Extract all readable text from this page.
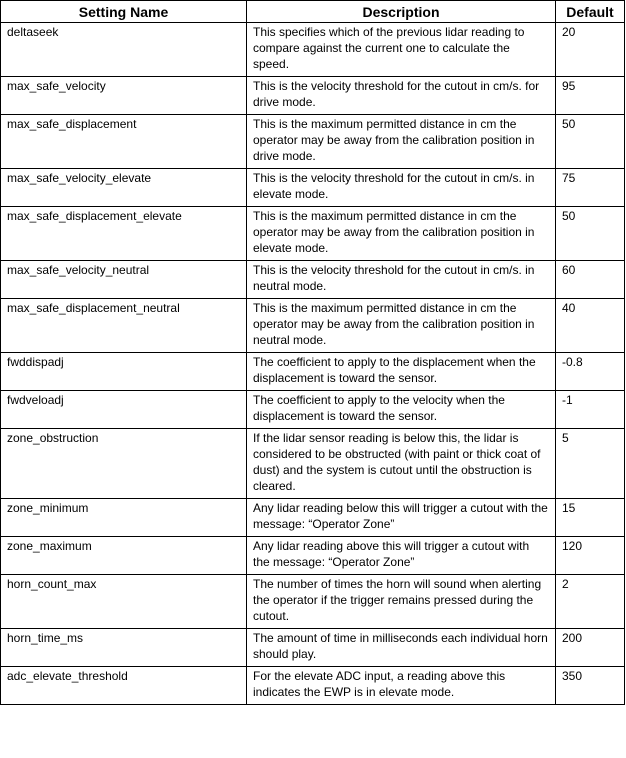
Setting Name	Description	Default
deltaseek	This specifies which of the previous lidar reading to compare against the current one to calculate the speed.	20
max_safe_velocity	This is the velocity threshold for the cutout in cm/s. for drive mode.	95
max_safe_displacement	This is the maximum permitted distance in cm the operator may be away from the calibration position in drive mode.	50
max_safe_velocity_elevate	This is the velocity threshold for the cutout in cm/s. in elevate mode.	75
max_safe_displacement_elevate	This is the maximum permitted distance in cm the operator may be away from the calibration position in elevate mode.	50
max_safe_velocity_neutral	This is the velocity threshold for the cutout in cm/s. in neutral mode.	60
max_safe_displacement_neutral	This is the maximum permitted distance in cm the operator may be away from the calibration position in neutral mode.	40
fwddispadj	The coefficient to apply to the displacement when the displacement is toward the sensor.	-0.8
fwdveloadj	The coefficient to apply to the velocity when the displacement is toward the sensor.	-1
zone_obstruction	If the lidar sensor reading is below this, the lidar is considered to be obstructed (with paint or thick coat of dust) and the system is cutout until the obstruction is cleared.	5
zone_minimum	Any lidar reading below this will trigger a cutout with the message: “Operator Zone”	15
zone_maximum	Any lidar reading above this will trigger a cutout with the message: “Operator Zone”	120
horn_count_max	The number of times the horn will sound when alerting the operator if the trigger remains pressed during the cutout.	2
horn_time_ms	The amount of time in milliseconds each individual horn should play.	200
adc_elevate_threshold	For the elevate ADC input, a reading above this indicates the EWP is in elevate mode.	350
